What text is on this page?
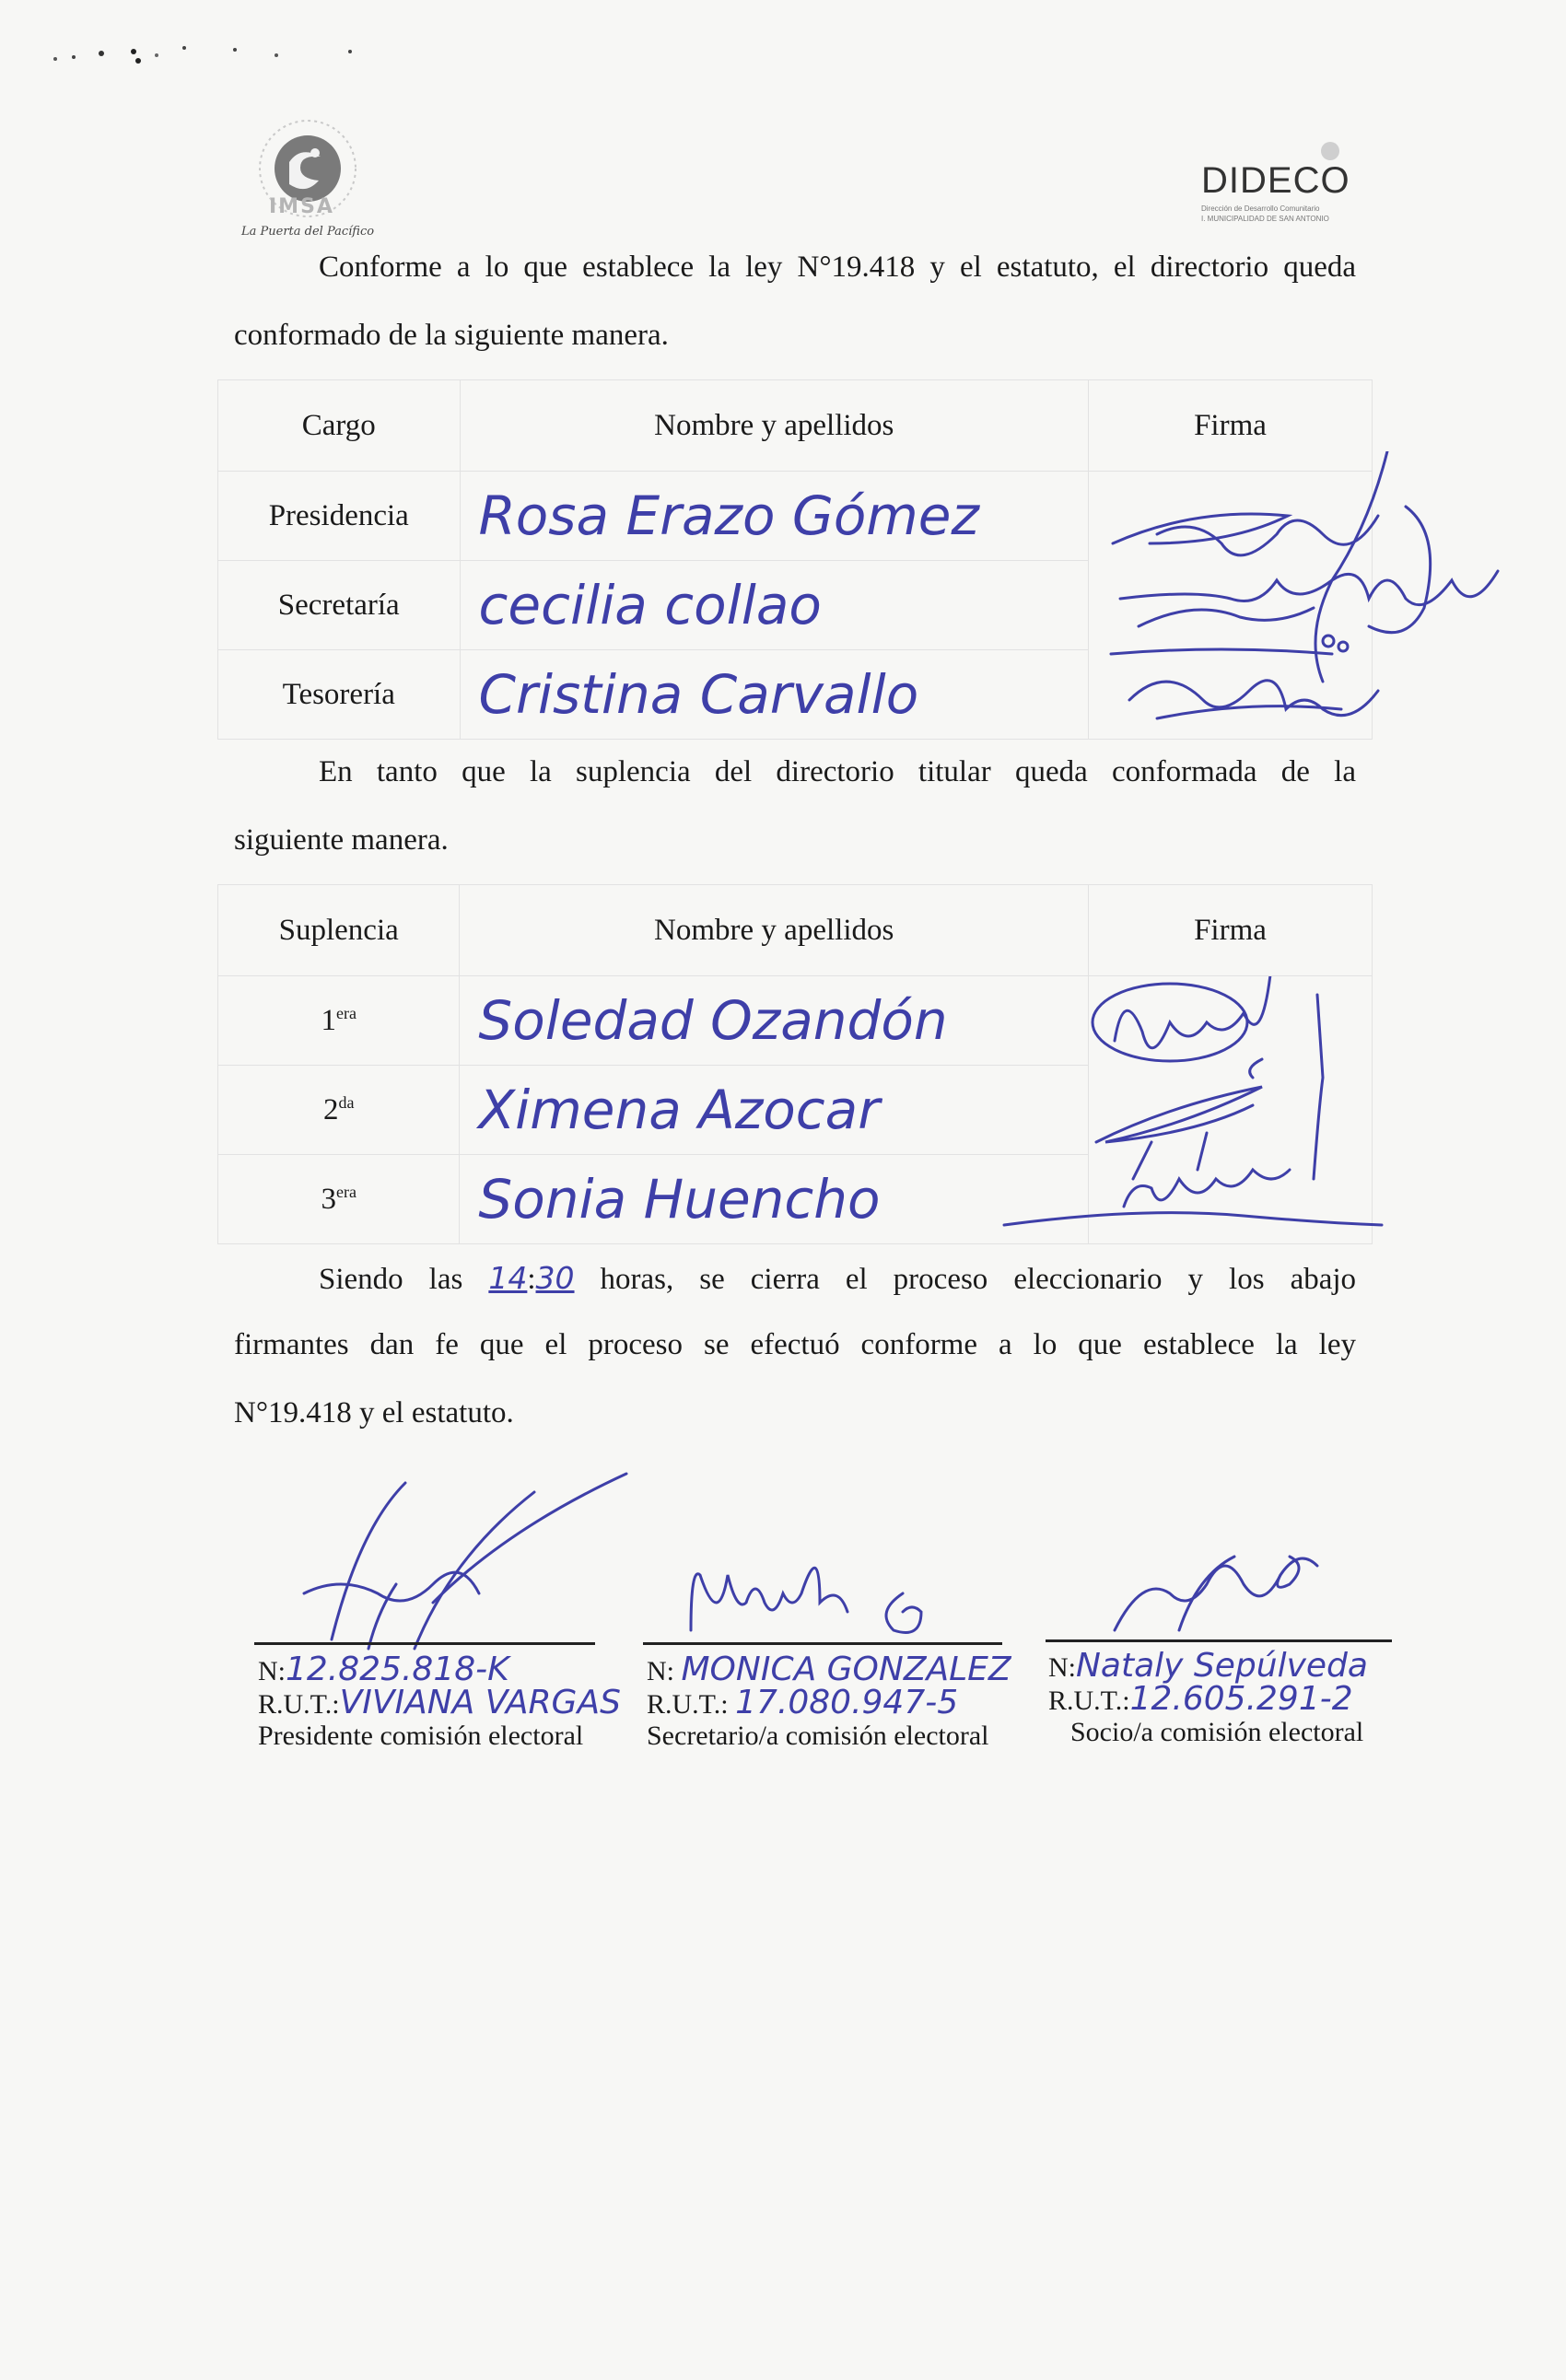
IMSA
La Puerta del Pacífico
DIDECO
Dirección de Desarrollo Comunitario
I. MUNICIPALIDAD DE SAN ANTONIO
Conforme a lo que establece la ley N°19.418 y el estatuto, el directorio queda
conformado de la siguiente manera.
Cargo	Nombre y apellidos	Firma
Presidencia	Rosa Erazo Gómez	

Secretaría	cecilia collao	

Tesorería	Cristina Carvallo	
En tanto que la suplencia del directorio titular queda conformada de la
siguiente manera.
Suplencia	Nombre y apellidos	Firma
$1^{era}$	Soledad Ozandón	

$2^{da}$	Ximena Azocar	

$3^{era}$	Sonia Huencho	
Siendo las 14:30 horas, se cierra el proceso eleccionario y los abajo
firmantes dan fe que el proceso se efectuó conforme a lo que establece la ley
N°19.418 y el estatuto.
N:12.825.818-K
R.U.T.:VIVIANA VARGAS
Presidente comisión electoral
N: MONICA GONZALEZ
R.U.T.: 17.080.947-5
Secretario/a comisión electoral
N:Nataly Sepúlveda
R.U.T.:12.605.291-2
Socio/a comisión electoral
